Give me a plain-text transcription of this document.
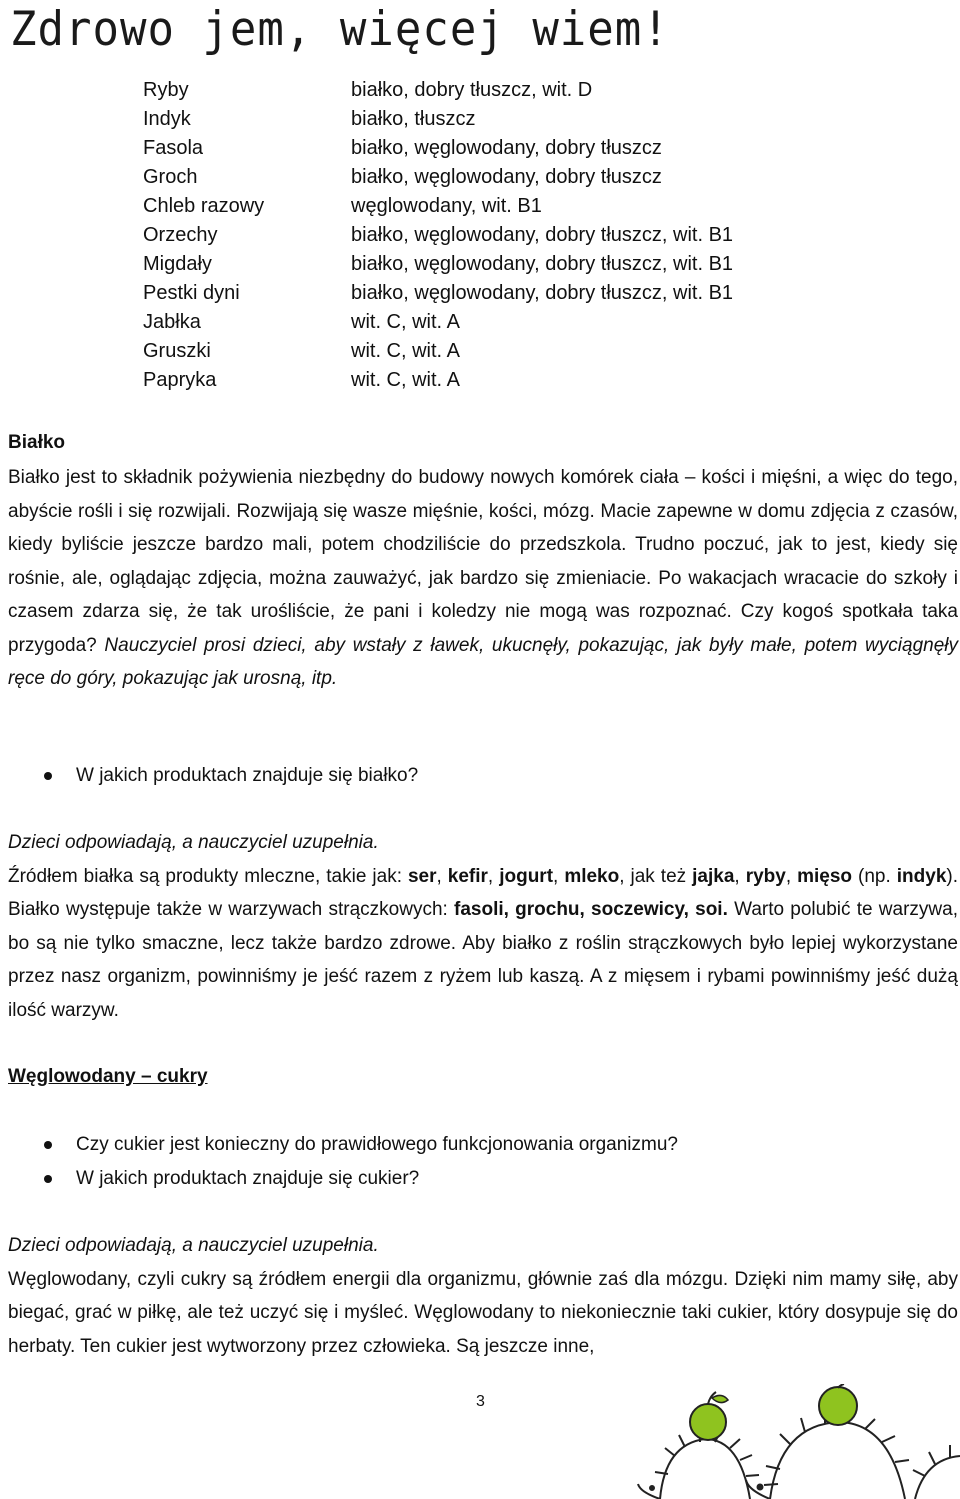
Zdrowo jem, więcej wiem!
Ryby	białko, dobry tłuszcz, wit. D
Indyk	białko, tłuszcz
Fasola	białko, węglowodany, dobry tłuszcz
Groch	białko, węglowodany, dobry tłuszcz
Chleb razowy	węglowodany, wit. B1
Orzechy	białko, węglowodany, dobry tłuszcz, wit. B1
Migdały	białko, węglowodany, dobry tłuszcz, wit. B1
Pestki dyni	białko, węglowodany, dobry tłuszcz, wit. B1
Jabłka	wit. C, wit. A
Gruszki	wit. C, wit. A
Papryka	wit. C, wit. A
Białko

Białko jest to składnik pożywienia niezbędny do budowy nowych komórek ciała – kości i mięśni, a więc do tego, abyście rośli i się rozwijali. Rozwijają się wasze mięśnie, kości, mózg. Macie zapewne w domu zdjęcia z czasów, kiedy byliście jeszcze bardzo mali, potem chodziliście do przedszkola. Trudno poczuć, jak to jest, kiedy się rośnie, ale, oglądając zdjęcia, można zauważyć, jak bardzo się zmieniacie. Po wakacjach wracacie do szkoły i czasem zdarza się, że tak urośliście, że pani i koledzy nie mogą was rozpoznać. Czy kogoś spotkała taka przygoda? Nauczyciel prosi dzieci, aby wstały z ławek, ukucnęły, pokazując, jak były małe, potem wyciągnęły ręce do góry, pokazując jak urosną, itp.

W jakich produktach znajduje się białko?
Dzieci odpowiadają, a nauczyciel uzupełnia.

Źródłem białka są produkty mleczne, takie jak: ser, kefir, jogurt, mleko, jak też jajka, ryby, mięso (np. indyk). Białko występuje także w warzywach strączkowych: fasoli, grochu, soczewicy, soi. Warto polubić te warzywa, bo są nie tylko smaczne, lecz także bardzo zdrowe. Aby białko z roślin strączkowych było lepiej wykorzystane przez nasz organizm, powinniśmy je jeść razem z ryżem lub kaszą. A z mięsem i rybami powinniśmy jeść dużą ilość warzyw.

Węglowodany – cukry
Czy cukier jest konieczny do prawidłowego funkcjonowania organizmu?
W jakich produktach znajduje się cukier?
Dzieci odpowiadają, a nauczyciel uzupełnia.

Węglowodany, czyli cukry są źródłem energii dla organizmu, głównie zaś dla mózgu. Dzięki nim mamy siłę, aby biegać, grać w piłkę, ale też uczyć się i myśleć. Węglowodany to niekoniecznie taki cukier, który dosypuje się do herbaty. Ten cukier jest wytworzony przez człowieka. Są jeszcze inne,

3
